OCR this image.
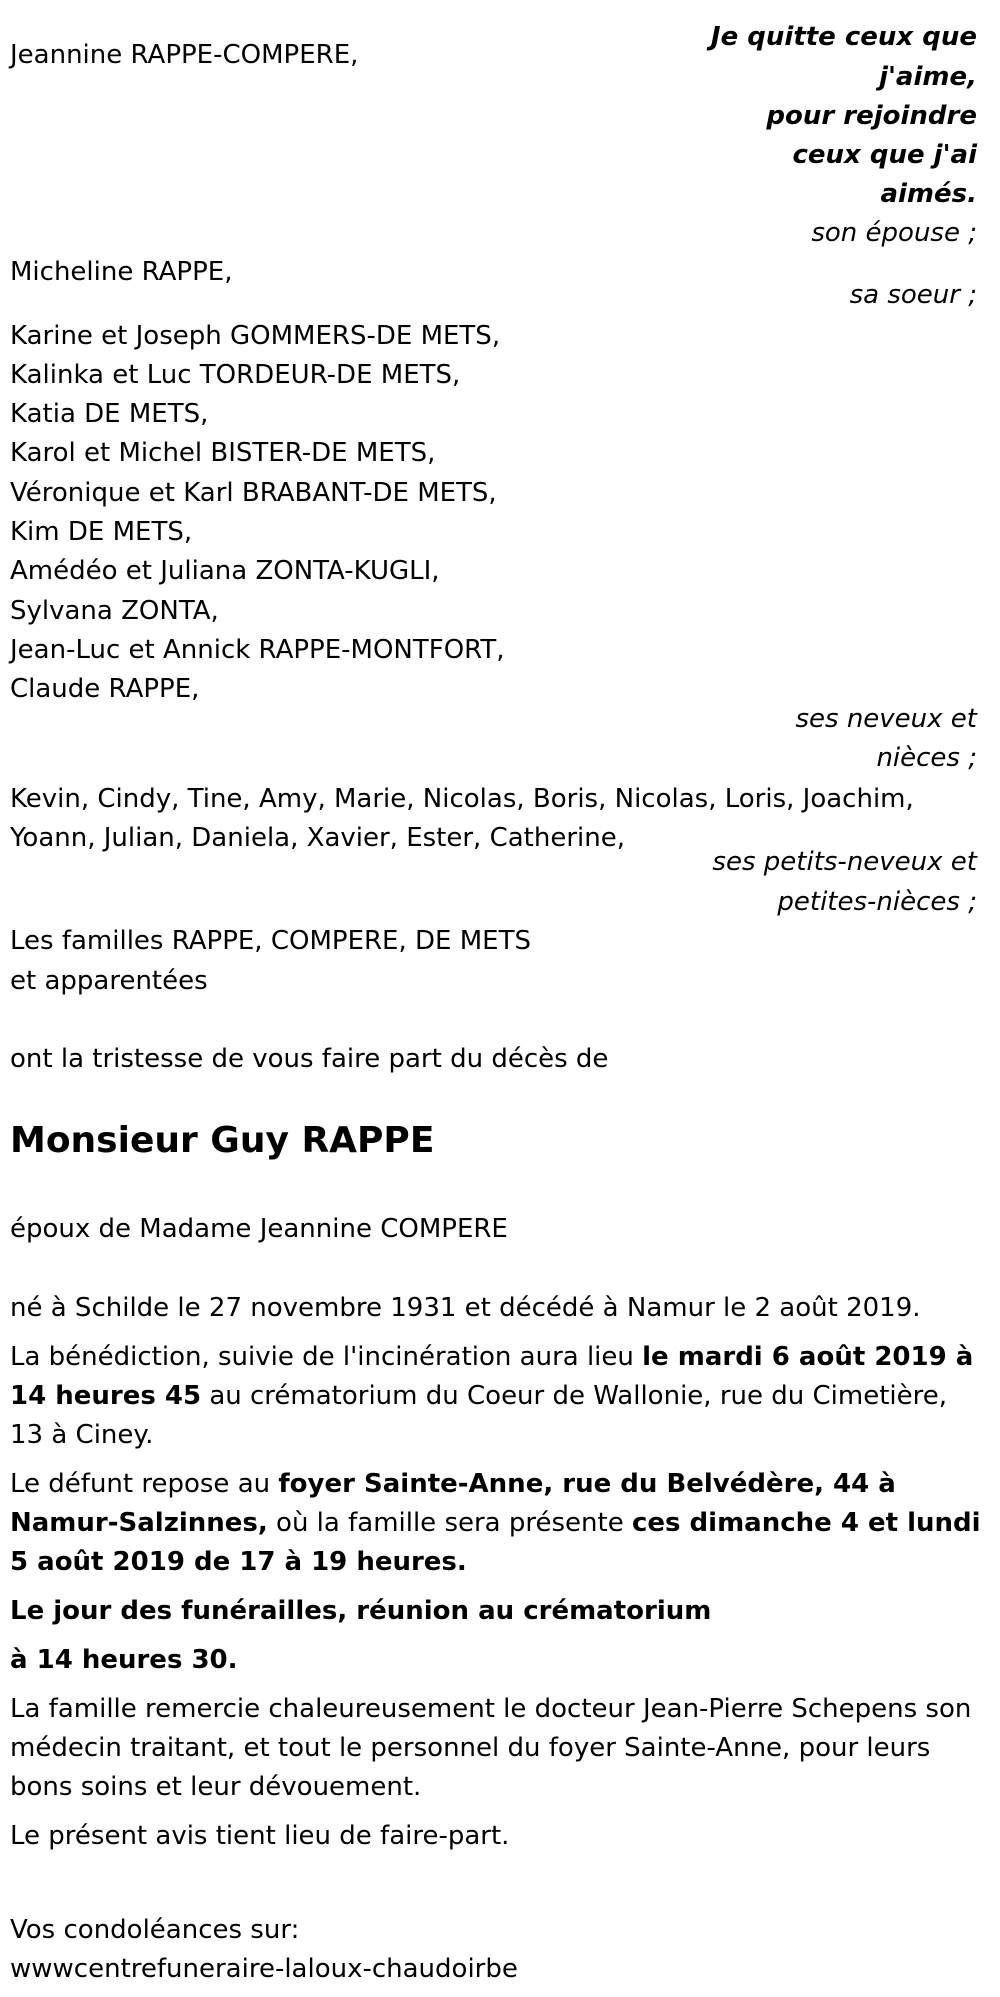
Je quitte ceux que
j'aime,
pour rejoindre
ceux que j'ai
aimés.
Jeannine RAPPE-COMPERE,
son épouse ;
Micheline RAPPE,
sa soeur ;
Karine et Joseph GOMMERS-DE METS,
Kalinka et Luc TORDEUR-DE METS,
Katia DE METS,
Karol et Michel BISTER-DE METS,
Véronique et Karl BRABANT-DE METS,
Kim DE METS,
Amédéo et Juliana ZONTA-KUGLI,
Sylvana ZONTA,
Jean-Luc et Annick RAPPE-MONTFORT,
Claude RAPPE,
ses neveux et
nièces ;
Kevin, Cindy, Tine, Amy, Marie, Nicolas, Boris, Nicolas, Loris, Joachim,
Yoann, Julian, Daniela, Xavier, Ester, Catherine,
ses petits-neveux et
petites-nièces ;
Les familles RAPPE, COMPERE, DE METS
et apparentées
ont la tristesse de vous faire part du décès de
Monsieur Guy RAPPE
époux de Madame Jeannine COMPERE

né à Schilde le 27 novembre 1931 et décédé à Namur le 2 août 2019.

La bénédiction, suivie de l'incinération aura lieu le mardi 6 août 2019 à 14 heures 45 au crématorium du Coeur de Wallonie, rue du Cimetière, 13 à Ciney.

Le défunt repose au foyer Sainte-Anne, rue du Belvédère, 44 à Namur-Salzinnes, où la famille sera présente ces dimanche 4 et lundi 5 août 2019 de 17 à 19 heures.

Le jour des funérailles, réunion au crématorium

à 14 heures 30.

La famille remercie chaleureusement le docteur Jean-Pierre Schepens son médecin traitant, et tout le personnel du foyer Sainte-Anne, pour leurs bons soins et leur dévouement.

Le présent avis tient lieu de faire-part.

Vos condoléances sur:
wwwcentrefuneraire-laloux-chaudoirbe
